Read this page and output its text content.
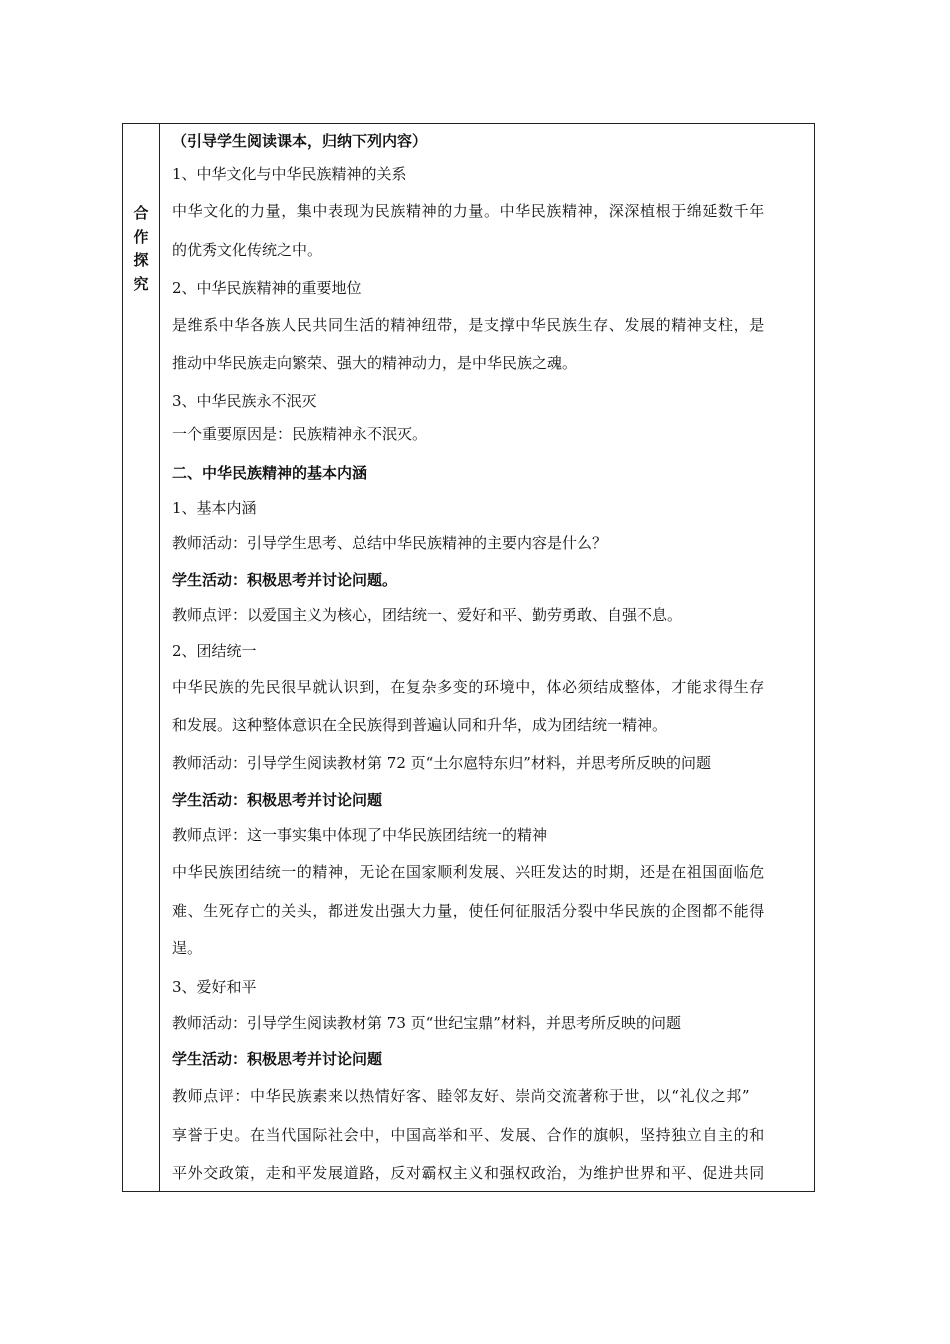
合
作
探
究
（引导学生阅读课本，归纳下列内容）
1、中华文化与中华民族精神的关系
中华文化的力量，集中表现为民族精神的力量。中华民族精神，深深植根于绵延数千年
的优秀文化传统之中。
2、中华民族精神的重要地位
是维系中华各族人民共同生活的精神纽带，是支撑中华民族生存、发展的精神支柱，是
推动中华民族走向繁荣、强大的精神动力，是中华民族之魂。
3、中华民族永不泯灭
一个重要原因是：民族精神永不泯灭。
二、中华民族精神的基本内涵
1、基本内涵
教师活动：引导学生思考、总结中华民族精神的主要内容是什么？
学生活动：积极思考并讨论问题。
教师点评：以爱国主义为核心，团结统一、爱好和平、勤劳勇敢、自强不息。
2、团结统一
中华民族的先民很早就认识到，在复杂多变的环境中，体必须结成整体，才能求得生存
和发展。这种整体意识在全民族得到普遍认同和升华，成为团结统一精神。
教师活动：引导学生阅读教材第 72 页“土尔扈特东归”材料，并思考所反映的问题
学生活动：积极思考并讨论问题
教师点评：这一事实集中体现了中华民族团结统一的精神
中华民族团结统一的精神，无论在国家顺利发展、兴旺发达的时期，还是在祖国面临危
难、生死存亡的关头，都迸发出强大力量，使任何征服活分裂中华民族的企图都不能得
逞。
3、爱好和平
教师活动：引导学生阅读教材第 73 页“世纪宝鼎”材料，并思考所反映的问题
学生活动：积极思考并讨论问题
教师点评：中华民族素来以热情好客、睦邻友好、崇尚交流著称于世，以“礼仪之邦”
享誉于史。在当代国际社会中，中国高举和平、发展、合作的旗帜，坚持独立自主的和
平外交政策，走和平发展道路，反对霸权主义和强权政治，为维护世界和平、促进共同
